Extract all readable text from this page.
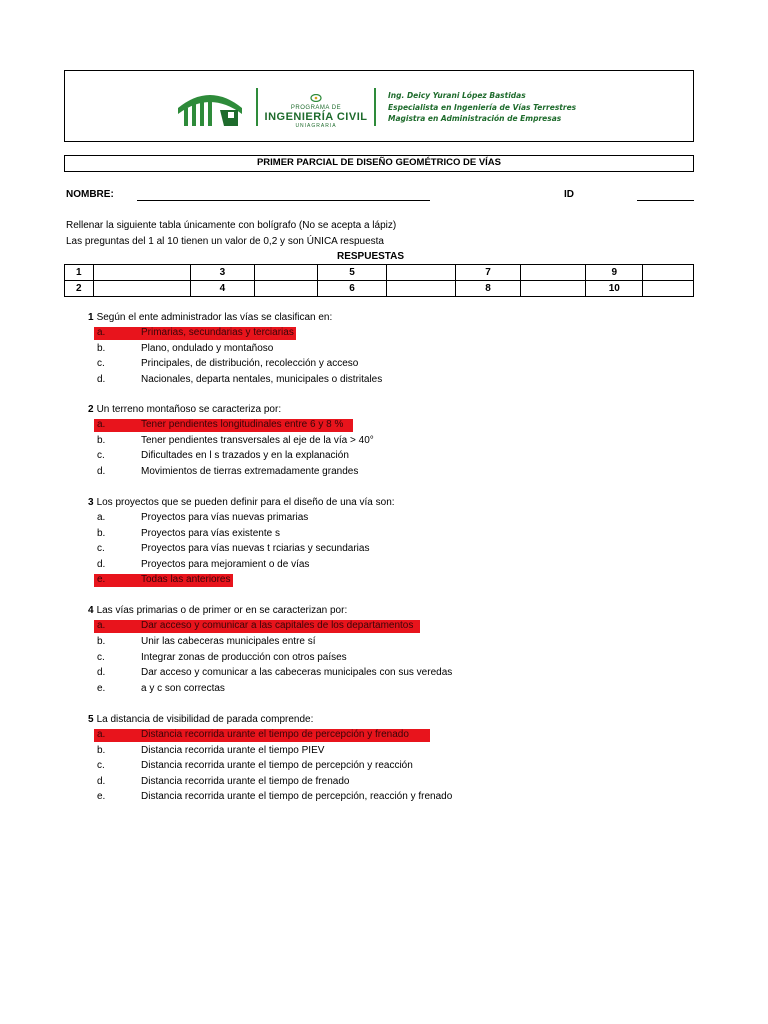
PROGRAMA DE
INGENIERÍA CIVIL
UNIAGRARIA
Ing. Deicy Yurani López Bastidas
Especialista en Ingeniería de Vías Terrestres
Magistra en Administración de Empresas
PRIMER PARCIAL DE DISEÑO GEOMÉTRICO DE VÍAS
NOMBRE:	ID
Rellenar la siguiente tabla únicamente con bolígrafo (No se acepta a lápiz)
Las preguntas del 1 al 10 tienen un valor de 0,2 y son ÚNICA respuesta
RESPUESTAS
1		3		5		7		9	
2		4		6		8		10	
1 Según el ente administrador las vías se clasifican en:
a.	Primarias, secundarias y terciarias
b.	Plano, ondulado y montañoso
c.	Principales, de distribución, recolección y acceso
d.	Nacionales, departa nentales, municipales o distritales
2 Un terreno montañoso se caracteriza por:
a.	Tener pendientes longitudinales entre 6 y 8 %
b.	Tener pendientes transversales al eje de la vía > 40°
c.	Dificultades en l s trazados y en la explanación
d.	Movimientos de tierras extremadamente grandes
3 Los proyectos que se pueden definir para el diseño de una vía son:
a.	Proyectos para vías nuevas primarias
b.	Proyectos para vías existente s
c.	Proyectos para vías nuevas t rciarias y secundarias
d.	Proyectos para mejoramient o de vías
e.	Todas las anteriores
4 Las vías primarias o de primer or en se caracterizan por:
a.	Dar acceso y comunicar a las capitales de los departamentos
b.	Unir las cabeceras municipales entre sí
c.	Integrar zonas de producción con otros países
d.	Dar acceso y comunicar a las cabeceras municipales con sus veredas
e.	a y c son correctas
5 La distancia de visibilidad de parada comprende:
a.	Distancia recorrida urante el tiempo de percepción y frenado
b.	Distancia recorrida urante el tiempo PIEV
c.	Distancia recorrida urante el tiempo de percepción y reacción
d.	Distancia recorrida urante el tiempo de frenado
e.	Distancia recorrida urante el tiempo de percepción, reacción y frenado
